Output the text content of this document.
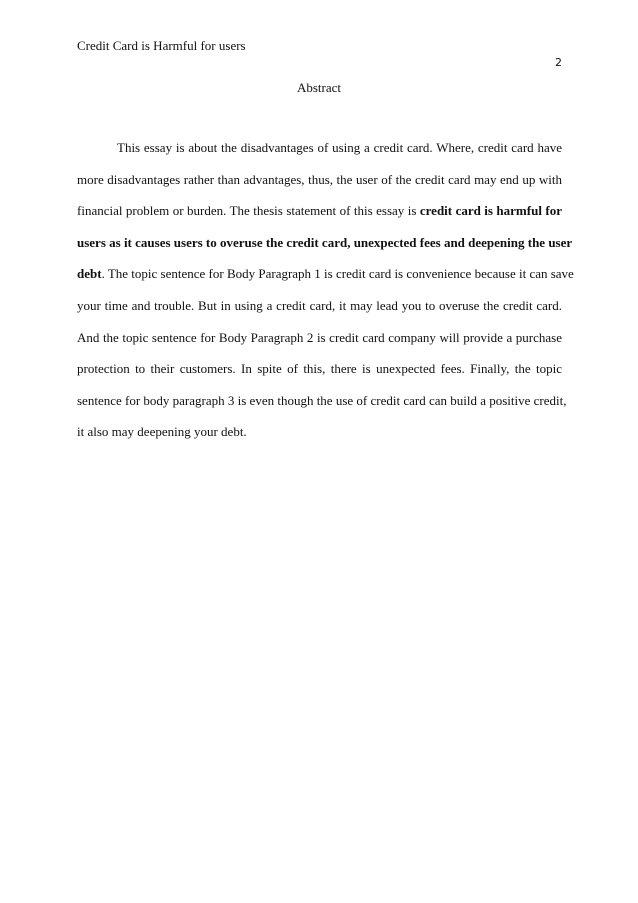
Credit Card is Harmful for users
2
Abstract
This essay is about the disadvantages of using a credit card. Where, credit card have
more disadvantages rather than advantages, thus, the user of the credit card may end up with
financial problem or burden. The thesis statement of this essay is credit card is harmful for
users as it causes users to overuse the credit card, unexpected fees and deepening the user
debt. The topic sentence for Body Paragraph 1 is credit card is convenience because it can save
your time and trouble. But in using a credit card, it may lead you to overuse the credit card.
And the topic sentence for Body Paragraph 2 is credit card company will provide a purchase
protection to their customers. In spite of this, there is unexpected fees. Finally, the topic
sentence for body paragraph 3 is even though the use of credit card can build a positive credit,
it also may deepening your debt.
